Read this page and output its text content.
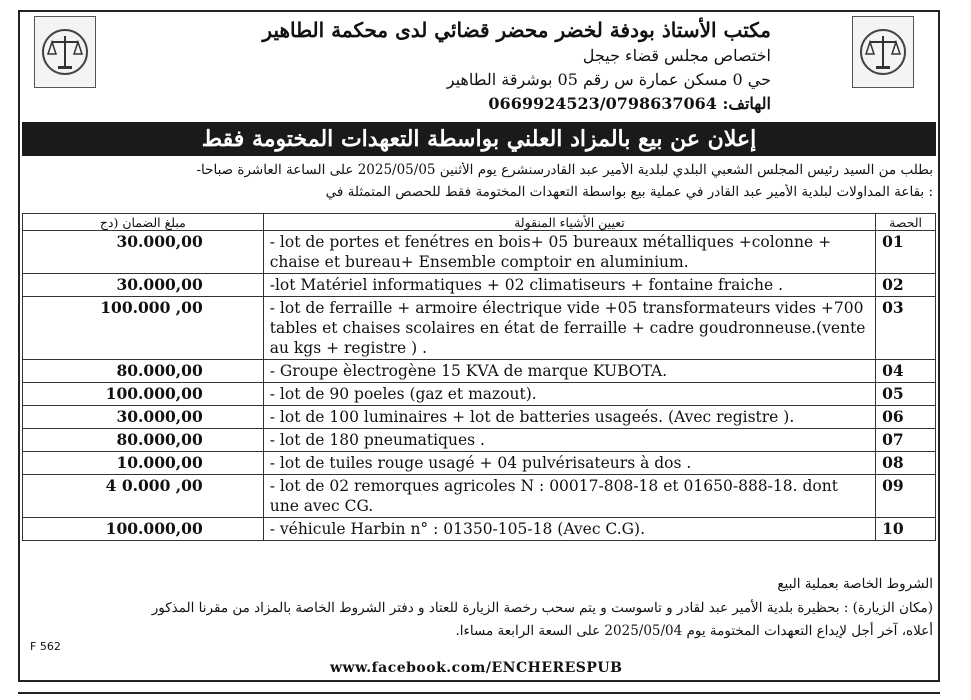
مكتب الأستاذ بودفة لخضر محضر قضائي لدى محكمة الطاهير
اختصاص مجلس قضاء جيجل
حي 0 مسكن عمارة س رقم 05 بوشرقة الطاهير
الهاتف: 0669924523/0798637064
إعلان عن بيع بالمزاد العلني بواسطة التعهدات المختومة فقط
بطلب من السيد رئيس المجلس الشعبي البلدي لبلدية الأمير عبد القادرسنشرع يوم الأثنين 2025/05/05 على الساعة العاشرة صباحا-
: بقاعة المداولات لبلدية الأمير عبد القادر في عملية بيع بواسطة التعهدات المختومة فقط للحصص المتمثلة في
مبلغ الضمان (دج	تعيين الأشياء المنقولة	الحصة
30.000,00	- lot de portes et fenétres en bois+ 05 bureaux métalliques +colonne + chaise et bureau+ Ensemble comptoir en aluminium.	01
30.000,00	-lot Matériel informatiques + 02 climatiseurs + fontaine fraiche .	02
100.000 ,00	- lot de ferraille + armoire électrique vide +05 transformateurs vides +700 tables et chaises scolaires en état de ferraille + cadre goudronneuse.(vente au kgs + registre ) .	03
80.000,00	- Groupe èlectrogène 15 KVA de marque KUBOTA.	04
100.000,00	- lot de 90 poeles (gaz et mazout).	05
30.000,00	- lot de 100 luminaires + lot de batteries usageés. (Avec registre ).	06
80.000,00	- lot de 180 pneumatiques .	07
10.000,00	- lot de tuiles rouge usagé + 04 pulvérisateurs à dos .	08
4 0.000 ,00	- lot de 02 remorques agricoles N : 00017-808-18 et 01650-888-18. dont une avec CG.	09
100.000,00	- véhicule Harbin n° : 01350-105-18 (Avec C.G).	10
الشروط الخاصة بعملية البيع
(مكان الزيارة) : بحظيرة بلدية الأمير عبد لقادر و تاسوست و يتم سحب رخصة الزيارة للعتاد و دفتر الشروط الخاصة بالمزاد من مقرنا المذكور
أعلاه، آخر أجل لإيداع التعهدات المختومة يوم 2025/05/04 على السعة الرابعة مساءا.
F 562
www.facebook.com/ENCHERESPUB
